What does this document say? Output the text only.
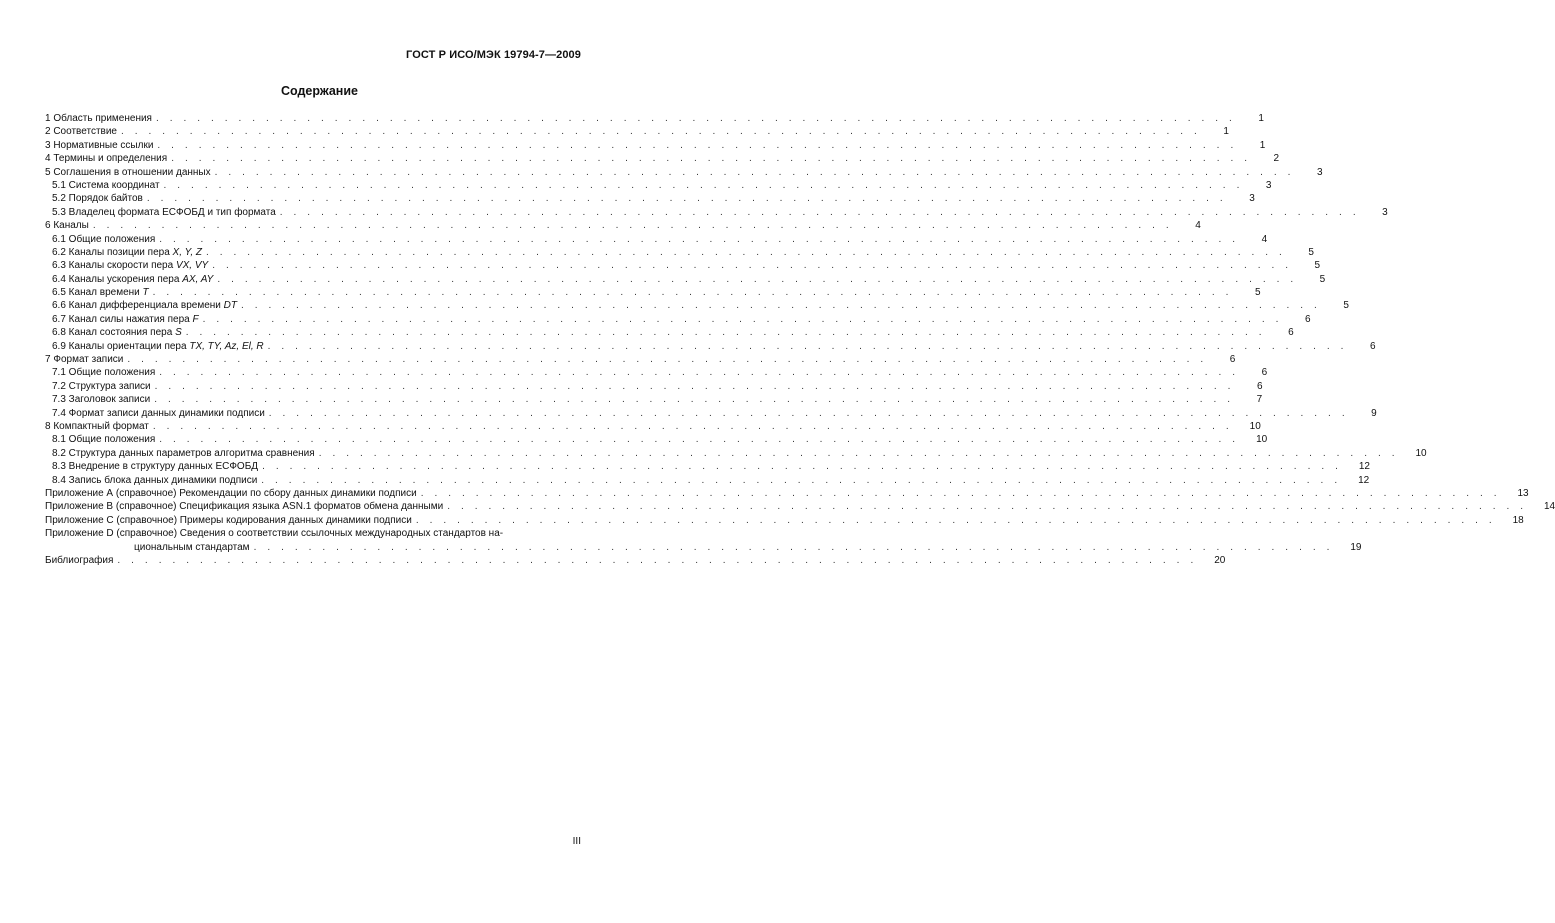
ГОСТ Р ИСО/МЭК 19794-7—2009
Содержание
1 Область применения . . . . . . . . . . . . . . . . . . . . . . . . . . . . . . . . . . . . . . . . . . . . . . . . . . . . . . . . . . . . . . . . . . . . . . . . . . . . . . .	1
2 Соответствие . . . . . . . . . . . . . . . . . . . . . . . . . . . . . . . . . . . . . . . . . . . . . . . . . . . . . . . . . . . . . . . . . . . . . . . . . . . . . . .	1
3 Нормативные ссылки . . . . . . . . . . . . . . . . . . . . . . . . . . . . . . . . . . . . . . . . . . . . . . . . . . . . . . . . . . . . . . . . . . . . . . . . . . . . . . .	1
4 Термины и определения . . . . . . . . . . . . . . . . . . . . . . . . . . . . . . . . . . . . . . . . . . . . . . . . . . . . . . . . . . . . . . . . . . . . . . . . . . . . . . .	2
5 Соглашения в отношении данных . . . . . . . . . . . . . . . . . . . . . . . . . . . . . . . . . . . . . . . . . . . . . . . . . . . . . . . . . . . . . . . . . . . . . . . . . . . . . . .	3
5.1 Система координат . . . . . . . . . . . . . . . . . . . . . . . . . . . . . . . . . . . . . . . . . . . . . . . . . . . . . . . . . . . . . . . . . . . . . . . . . . . . . . .	3
5.2 Порядок байтов . . . . . . . . . . . . . . . . . . . . . . . . . . . . . . . . . . . . . . . . . . . . . . . . . . . . . . . . . . . . . . . . . . . . . . . . . . . . . . .	3
5.3 Владелец формата ЕСФОБД и тип формата . . . . . . . . . . . . . . . . . . . . . . . . . . . . . . . . . . . . . . . . . . . . . . . . . . . . . . . . . . . . . . . . . . . . . . . . . . . . . . .	3
6 Каналы . . . . . . . . . . . . . . . . . . . . . . . . . . . . . . . . . . . . . . . . . . . . . . . . . . . . . . . . . . . . . . . . . . . . . . . . . . . . . . .	4
6.1 Общие положения . . . . . . . . . . . . . . . . . . . . . . . . . . . . . . . . . . . . . . . . . . . . . . . . . . . . . . . . . . . . . . . . . . . . . . . . . . . . . . .	4
6.2 Каналы позиции пера X, Y, Z . . . . . . . . . . . . . . . . . . . . . . . . . . . . . . . . . . . . . . . . . . . . . . . . . . . . . . . . . . . . . . . . . . . . . . . . . . . . . . .	5
6.3 Каналы скорости пера VX, VY . . . . . . . . . . . . . . . . . . . . . . . . . . . . . . . . . . . . . . . . . . . . . . . . . . . . . . . . . . . . . . . . . . . . . . . . . . . . . . .	5
6.4 Каналы ускорения пера AX, AY . . . . . . . . . . . . . . . . . . . . . . . . . . . . . . . . . . . . . . . . . . . . . . . . . . . . . . . . . . . . . . . . . . . . . . . . . . . . . . .	5
6.5 Канал времени T . . . . . . . . . . . . . . . . . . . . . . . . . . . . . . . . . . . . . . . . . . . . . . . . . . . . . . . . . . . . . . . . . . . . . . . . . . . . . . .	5
6.6 Канал дифференциала времени DT . . . . . . . . . . . . . . . . . . . . . . . . . . . . . . . . . . . . . . . . . . . . . . . . . . . . . . . . . . . . . . . . . . . . . . . . . . . . . . .	5
6.7 Канал силы нажатия пера F . . . . . . . . . . . . . . . . . . . . . . . . . . . . . . . . . . . . . . . . . . . . . . . . . . . . . . . . . . . . . . . . . . . . . . . . . . . . . . .	6
6.8 Канал состояния пера S . . . . . . . . . . . . . . . . . . . . . . . . . . . . . . . . . . . . . . . . . . . . . . . . . . . . . . . . . . . . . . . . . . . . . . . . . . . . . . .	6
6.9 Каналы ориентации пера TX, TY, Az, El, R . . . . . . . . . . . . . . . . . . . . . . . . . . . . . . . . . . . . . . . . . . . . . . . . . . . . . . . . . . . . . . . . . . . . . . . . . . . . . . .	6
7 Формат записи . . . . . . . . . . . . . . . . . . . . . . . . . . . . . . . . . . . . . . . . . . . . . . . . . . . . . . . . . . . . . . . . . . . . . . . . . . . . . . .	6
7.1 Общие положения . . . . . . . . . . . . . . . . . . . . . . . . . . . . . . . . . . . . . . . . . . . . . . . . . . . . . . . . . . . . . . . . . . . . . . . . . . . . . . .	6
7.2 Структура записи . . . . . . . . . . . . . . . . . . . . . . . . . . . . . . . . . . . . . . . . . . . . . . . . . . . . . . . . . . . . . . . . . . . . . . . . . . . . . . .	6
7.3 Заголовок записи . . . . . . . . . . . . . . . . . . . . . . . . . . . . . . . . . . . . . . . . . . . . . . . . . . . . . . . . . . . . . . . . . . . . . . . . . . . . . . .	7
7.4 Формат записи данных динамики подписи . . . . . . . . . . . . . . . . . . . . . . . . . . . . . . . . . . . . . . . . . . . . . . . . . . . . . . . . . . . . . . . . . . . . . . . . . . . . . . .	9
8 Компактный формат . . . . . . . . . . . . . . . . . . . . . . . . . . . . . . . . . . . . . . . . . . . . . . . . . . . . . . . . . . . . . . . . . . . . . . . . . . . . . . .	10
8.1 Общие положения . . . . . . . . . . . . . . . . . . . . . . . . . . . . . . . . . . . . . . . . . . . . . . . . . . . . . . . . . . . . . . . . . . . . . . . . . . . . . . .	10
8.2 Структура данных параметров алгоритма сравнения . . . . . . . . . . . . . . . . . . . . . . . . . . . . . . . . . . . . . . . . . . . . . . . . . . . . . . . . . . . . . . . . . . . . . . . . . . . . . . .	10
8.3 Внедрение в структуру данных ЕСФОБД . . . . . . . . . . . . . . . . . . . . . . . . . . . . . . . . . . . . . . . . . . . . . . . . . . . . . . . . . . . . . . . . . . . . . . . . . . . . . . .	12
8.4 Запись блока данных динамики подписи . . . . . . . . . . . . . . . . . . . . . . . . . . . . . . . . . . . . . . . . . . . . . . . . . . . . . . . . . . . . . . . . . . . . . . . . . . . . . . .	12
Приложение А (справочное) Рекомендации по сбору данных динамики подписи . . . . . . . . . . . . . . . . . . . . . . . . . . . . . . . . . . . . . . . . . . . . . . . . . . . . . . . . . . . . . . . . . . . . . . . . . . . . . . .	13
Приложение B (справочное) Спецификация языка ASN.1 форматов обмена данными . . . . . . . . . . . . . . . . . . . . . . . . . . . . . . . . . . . . . . . . . . . . . . . . . . . . . . . . . . . . . . . . . . . . . . . . . . . . . . .	14
Приложение С (справочное) Примеры кодирования данных динамики подписи . . . . . . . . . . . . . . . . . . . . . . . . . . . . . . . . . . . . . . . . . . . . . . . . . . . . . . . . . . . . . . . . . . . . . . . . . . . . . . .	18
Приложение D (справочное) Сведения о соответствии ссылочных международных стандартов на-
циональным стандартам . . . . . . . . . . . . . . . . . . . . . . . . . . . . . . . . . . . . . . . . . . . . . . . . . . . . . . . . . . . . . . . . . . . . . . . . . . . . . . .	19
Библиография . . . . . . . . . . . . . . . . . . . . . . . . . . . . . . . . . . . . . . . . . . . . . . . . . . . . . . . . . . . . . . . . . . . . . . . . . . . . . . .	20
III
